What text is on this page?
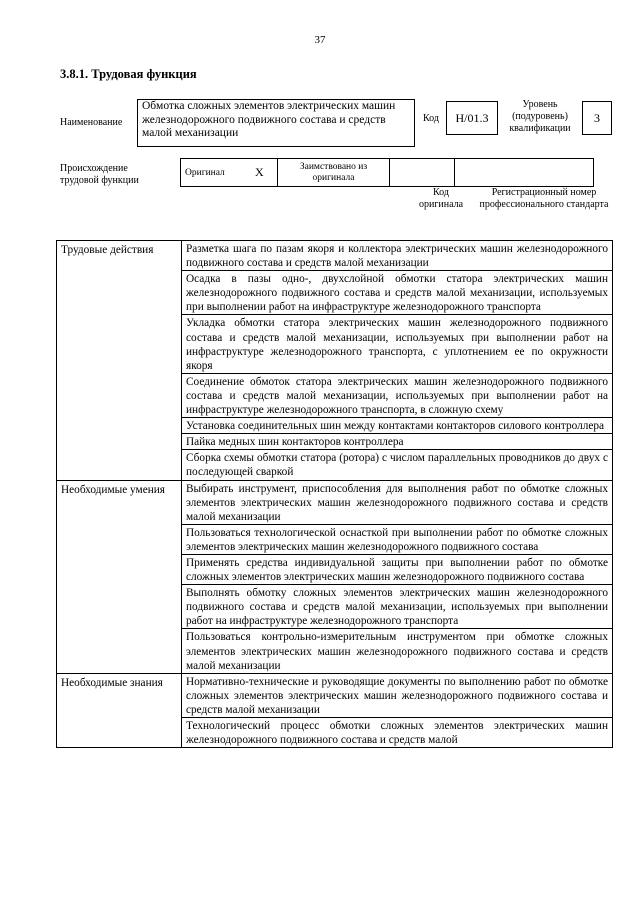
37
3.8.1. Трудовая функция
Наименование
Обмотка сложных элементов электрических машин железнодорожного подвижного состава и средств малой механизации
Код	H/01.3
Уровень (подуровень) квалификации
3
Происхождение трудовой функции
Оригинал	X	Заимствовано из оригинала		
Код оригинала
Регистрационный номер профессионального стандарта
Трудовые действия	Разметка шага по пазам якоря и коллектора электрических машин железнодорожного подвижного состава и средств малой механизации
	Осадка в пазы одно-, двухслойной обмотки статора электрических машин железнодорожного подвижного состава и средств малой механизации, используемых при выполнении работ на инфраструктуре железнодорожного транспорта
	Укладка обмотки статора электрических машин железнодорожного подвижного состава и средств малой механизации, используемых при выполнении работ на инфраструктуре железнодорожного транспорта, с уплотнением ее по окружности якоря
	Соединение обмоток статора электрических машин железнодорожного подвижного состава и средств малой механизации, используемых при выполнении работ на инфраструктуре железнодорожного транспорта, в сложную схему
	Установка соединительных шин между контактами контакторов силового контроллера
	Пайка медных шин контакторов контроллера
	Сборка схемы обмотки статора (ротора) с числом параллельных проводников до двух с последующей сваркой
Необходимые умения	Выбирать инструмент, приспособления для выполнения работ по обмотке сложных элементов электрических машин железнодорожного подвижного состава и средств малой механизации
	Пользоваться технологической оснасткой при выполнении работ по обмотке сложных элементов электрических машин железнодорожного подвижного состава
	Применять средства индивидуальной защиты при выполнении работ по обмотке сложных элементов электрических машин железнодорожного подвижного состава
	Выполнять обмотку сложных элементов электрических машин железнодорожного подвижного состава и средств малой механизации, используемых при выполнении работ на инфраструктуре железнодорожного транспорта
	Пользоваться контрольно-измерительным инструментом при обмотке сложных элементов электрических машин железнодорожного подвижного состава и средств малой механизации
Необходимые знания	Нормативно-технические и руководящие документы по выполнению работ по обмотке сложных элементов электрических машин железнодорожного подвижного состава и средств малой механизации
	Технологический процесс обмотки сложных элементов электрических машин железнодорожного подвижного состава и средств малой
